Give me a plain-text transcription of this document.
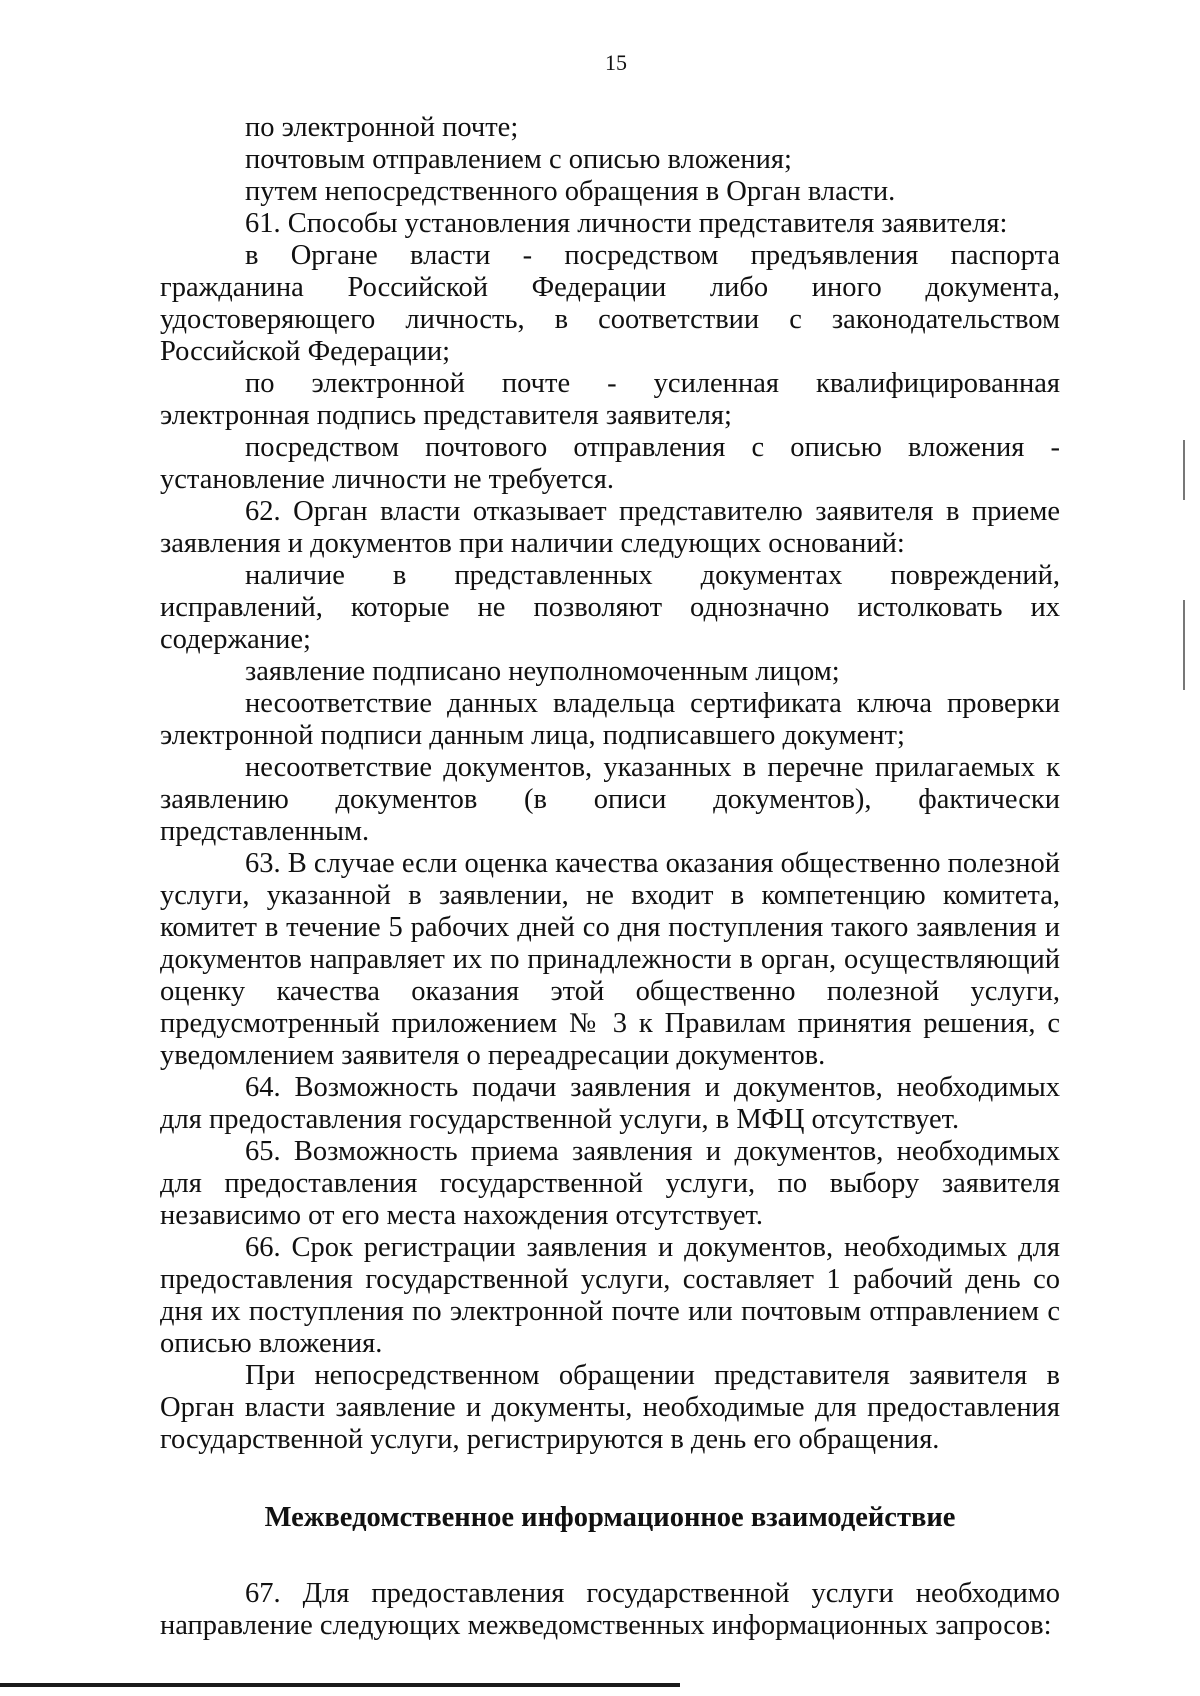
15

по электронной почте;

почтовым отправлением с описью вложения;

путем непосредственного обращения в Орган власти.

61. Способы установления личности представителя заявителя:

в Органе власти - посредством предъявления паспорта гражданина Российской Федерации либо иного документа, удостоверяющего личность, в соответствии с законодательством Российской Федерации;

по электронной почте - усиленная квалифицированная электронная подпись представителя заявителя;

посредством почтового отправления с описью вложения - установление личности не требуется.

62. Орган власти отказывает представителю заявителя в приеме заявления и документов при наличии следующих оснований:

наличие в представленных документах повреждений, исправлений, которые не позволяют однозначно истолковать их содержание;

заявление подписано неуполномоченным лицом;

несоответствие данных владельца сертификата ключа проверки электронной подписи данным лица, подписавшего документ;

несоответствие документов, указанных в перечне прилагаемых к заявлению документов (в описи документов), фактически представленным.

63. В случае если оценка качества оказания общественно полезной услуги, указанной в заявлении, не входит в компетенцию комитета, комитет в течение 5 рабочих дней со дня поступления такого заявления и документов направляет их по принадлежности в орган, осуществляющий оценку качества оказания этой общественно полезной услуги, предусмотренный приложением № 3 к Правилам принятия решения, с уведомлением заявителя о переадресации документов.

64. Возможность подачи заявления и документов, необходимых для предоставления государственной услуги, в МФЦ отсутствует.

65. Возможность приема заявления и документов, необходимых для предоставления государственной услуги, по выбору заявителя независимо от его места нахождения отсутствует.

66. Срок регистрации заявления и документов, необходимых для предоставления государственной услуги, составляет 1 рабочий день со дня их поступления по электронной почте или почтовым отправлением с описью вложения.

При непосредственном обращении представителя заявителя в Орган власти заявление и документы, необходимые для предоставления государственной услуги, регистрируются в день его обращения.

Межведомственное информационное взаимодействие

67. Для предоставления государственной услуги необходимо направление следующих межведомственных информационных запросов:
